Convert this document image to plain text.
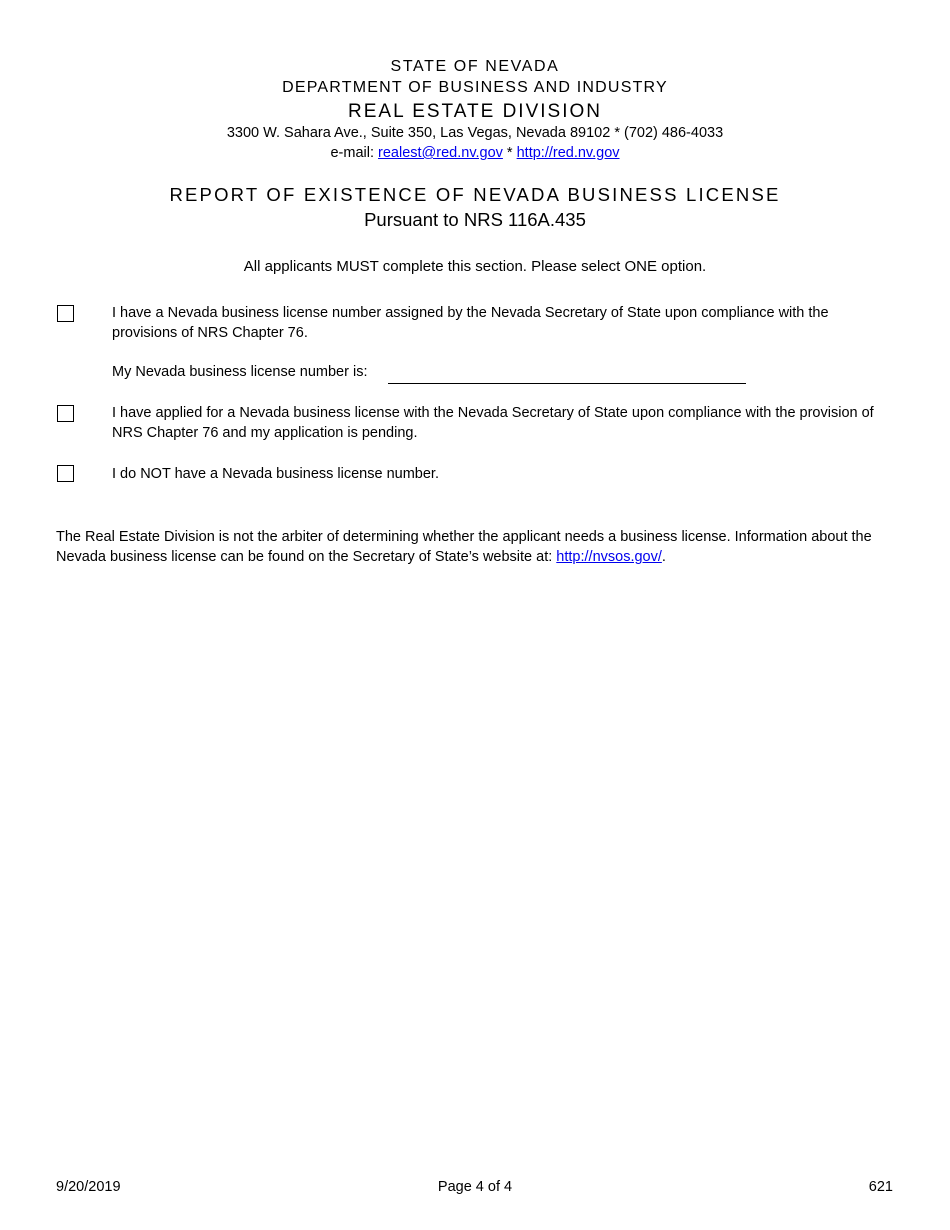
STATE OF NEVADA
DEPARTMENT OF BUSINESS AND INDUSTRY
REAL ESTATE DIVISION
3300 W. Sahara Ave., Suite 350, Las Vegas, Nevada 89102 * (702) 486-4033
e-mail: realest@red.nv.gov * http://red.nv.gov
REPORT OF EXISTENCE OF NEVADA BUSINESS LICENSE
Pursuant to NRS 116A.435
All applicants MUST complete this section. Please select ONE option.
I have a Nevada business license number assigned by the Nevada Secretary of State upon compliance with the provisions of NRS Chapter 76.
My Nevada business license number is:
I have applied for a Nevada business license with the Nevada Secretary of State upon compliance with the provision of NRS Chapter 76 and my application is pending.
I do NOT have a Nevada business license number.
The Real Estate Division is not the arbiter of determining whether the applicant needs a business license. Information about the Nevada business license can be found on the Secretary of State’s website at: http://nvsos.gov/.
9/20/2019	Page 4 of 4	621
